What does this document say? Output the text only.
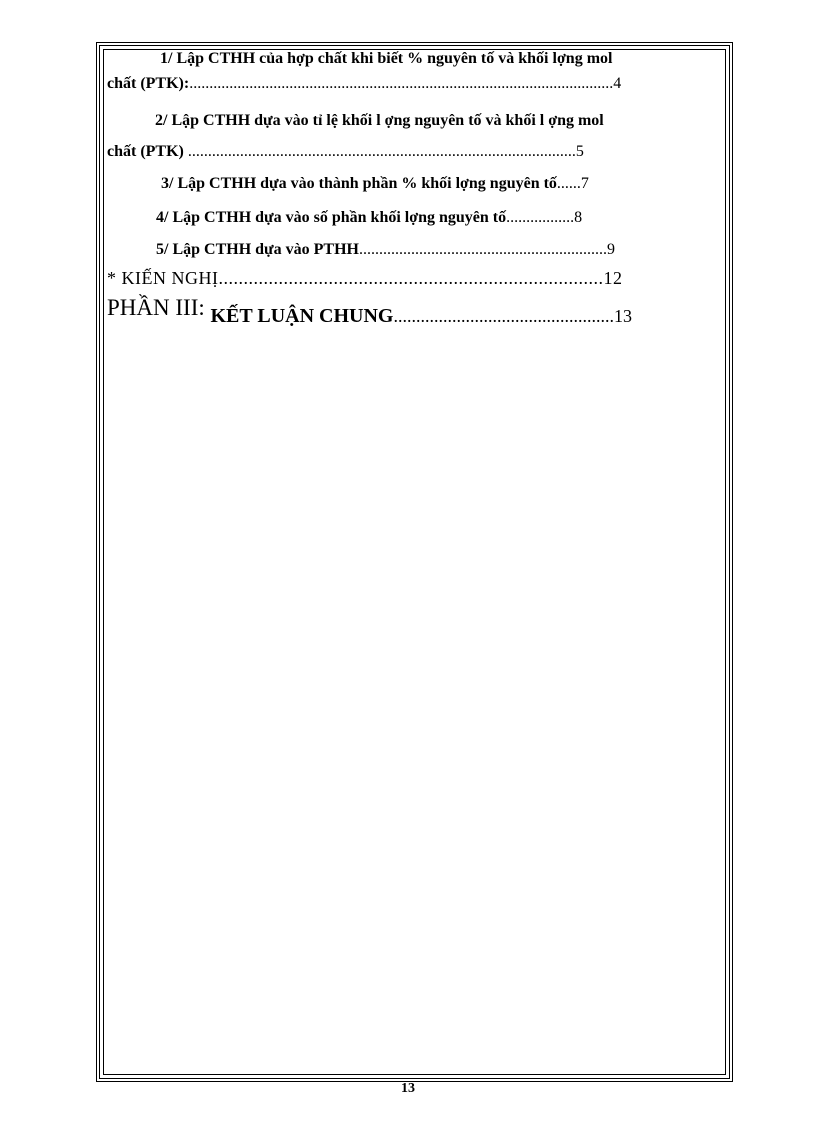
1/ Lập CTHH của hợp chất khi biết % nguyên tố và khối lợng mol
chất (PTK):..........................................................................................................4
2/ Lập CTHH dựa vào tỉ lệ khối l ợng nguyên tố và khối l ợng mol
chất (PTK) .................................................................................................5
3/ Lập CTHH dựa vào thành phần % khối lợng nguyên tố......7
4/ Lập CTHH dựa vào số phần khối lợng nguyên tố.................8
5/ Lập CTHH dựa vào PTHH..............................................................9
* KIẾN NGHỊ.............................................................................12
PHẦN III: KẾT LUẬN $CHUNG_{.................................................13}$
13
